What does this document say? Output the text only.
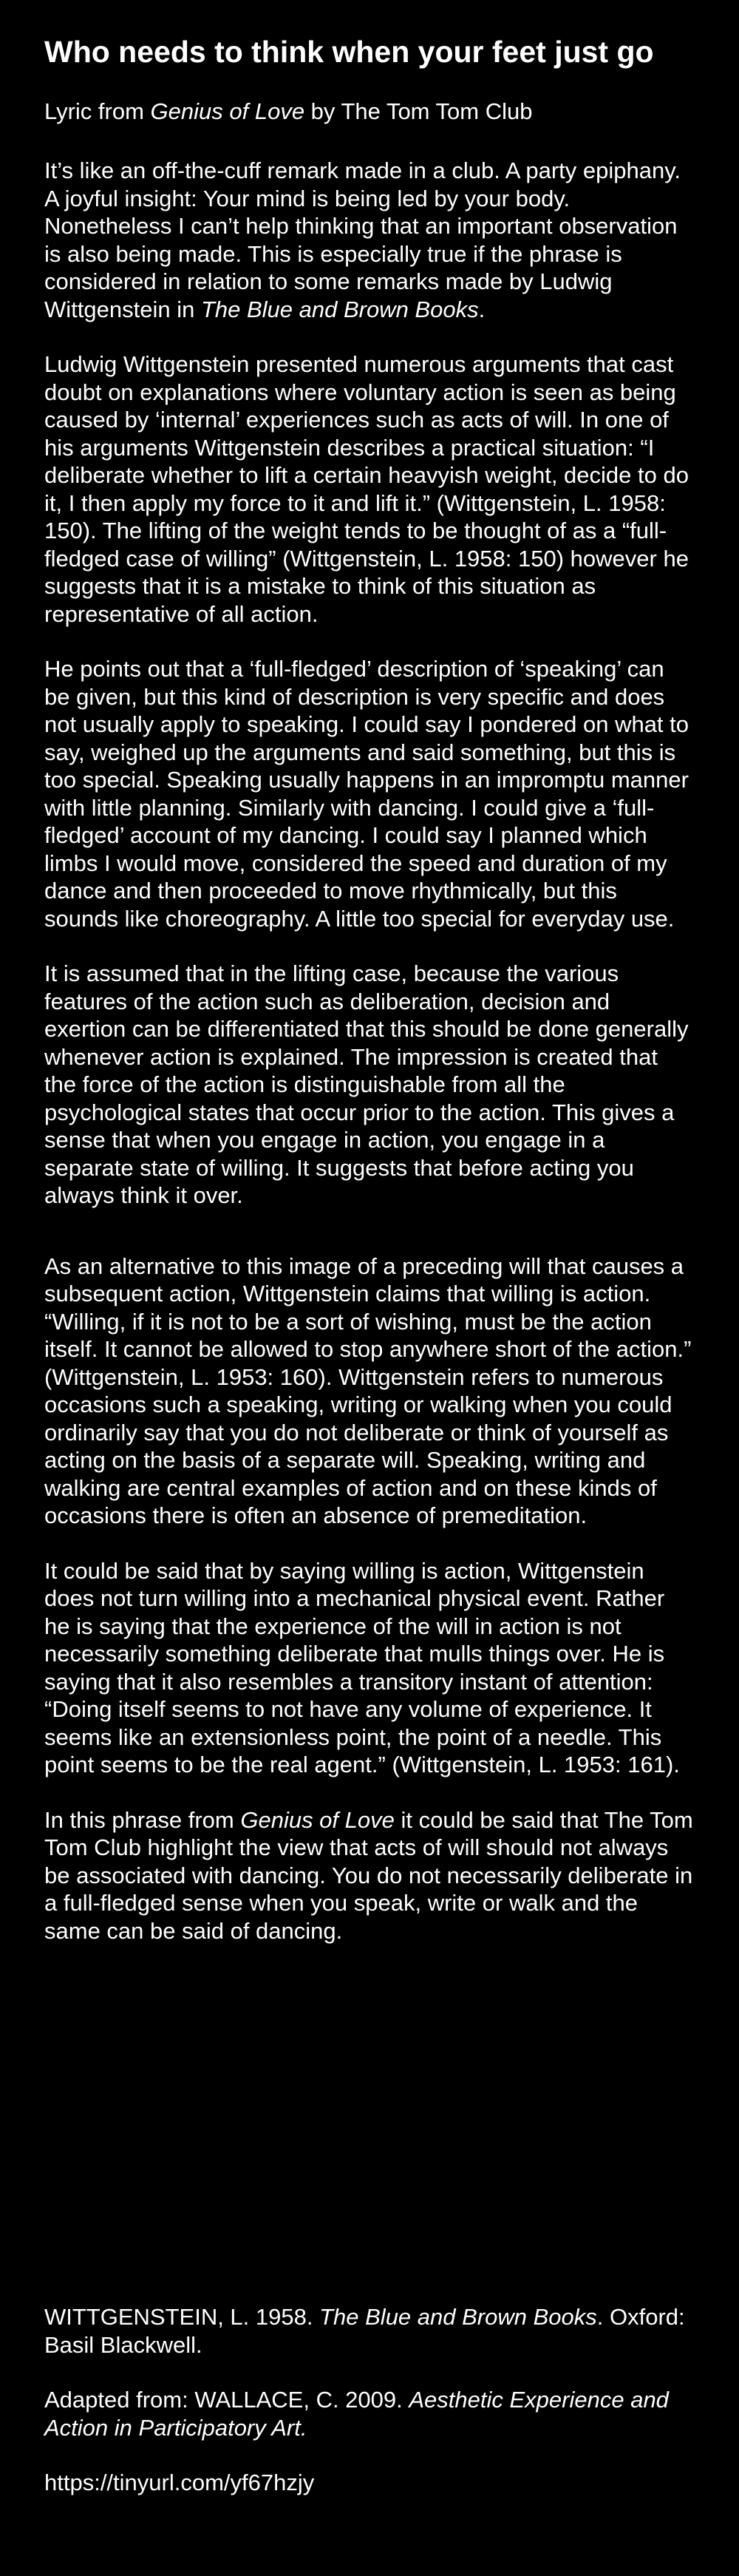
Who needs to think when your feet just go

Lyric from Genius of Love by The Tom Tom Club

It’s like an off-the-cuff remark made in a club. A party epiphany. A joyful insight: Your mind is being led by your body. Nonetheless I can’t help thinking that an important observation is also being made. This is especially true if the phrase is considered in relation to some remarks made by Ludwig Wittgenstein in The Blue and Brown Books.

Ludwig Wittgenstein presented numerous arguments that cast doubt on explanations where voluntary action is seen as being caused by ‘internal’ experiences such as acts of will. In one of his arguments Wittgenstein describes a practical situation: “I deliberate whether to lift a certain heavyish weight, decide to do it, I then apply my force to it and lift it.” (Wittgenstein, L. 1958: 150). The lifting of the weight tends to be thought of as a “full-fledged case of willing” (Wittgenstein, L. 1958: 150) however he suggests that it is a mistake to think of this situation as representative of all action.

He points out that a ‘full-fledged’ description of ‘speaking’ can be given, but this kind of description is very specific and does not usually apply to speaking. I could say I pondered on what to say, weighed up the arguments and said something, but this is too special. Speaking usually happens in an impromptu manner with little planning. Similarly with dancing. I could give a ‘full-fledged’ account of my dancing. I could say I planned which limbs I would move, considered the speed and duration of my dance and then proceeded to move rhythmically, but this sounds like choreography. A little too special for everyday use.

It is assumed that in the lifting case, because the various features of the action such as deliberation, decision and exertion can be differentiated that this should be done generally whenever action is explained. The impression is created that the force of the action is distinguishable from all the psychological states that occur prior to the action. This gives a sense that when you engage in action, you engage in a separate state of willing. It suggests that before acting you always think it over.

As an alternative to this image of a preceding will that causes a subsequent action, Wittgenstein claims that willing is action. “Willing, if it is not to be a sort of wishing, must be the action itself. It cannot be allowed to stop anywhere short of the action.” (Wittgenstein, L. 1953: 160). Wittgenstein refers to numerous occasions such a speaking, writing or walking when you could ordinarily say that you do not deliberate or think of yourself as acting on the basis of a separate will. Speaking, writing and walking are central examples of action and on these kinds of occasions there is often an absence of premeditation.

It could be said that by saying willing is action, Wittgenstein does not turn willing into a mechanical physical event. Rather he is saying that the experience of the will in action is not necessarily something deliberate that mulls things over. He is saying that it also resembles a transitory instant of attention: “Doing itself seems to not have any volume of experience. It seems like an extensionless point, the point of a needle. This point seems to be the real agent.” (Wittgenstein, L. 1953: 161).

In this phrase from Genius of Love it could be said that The Tom Tom Club highlight the view that acts of will should not always be associated with dancing. You do not necessarily deliberate in a full-fledged sense when you speak, write or walk and the same can be said of dancing.

WITTGENSTEIN, L. 1958. The Blue and Brown Books. Oxford: Basil Blackwell.

Adapted from: WALLACE, C. 2009. Aesthetic Experience and Action in Participatory Art.

https://tinyurl.com/yf67hzjy
